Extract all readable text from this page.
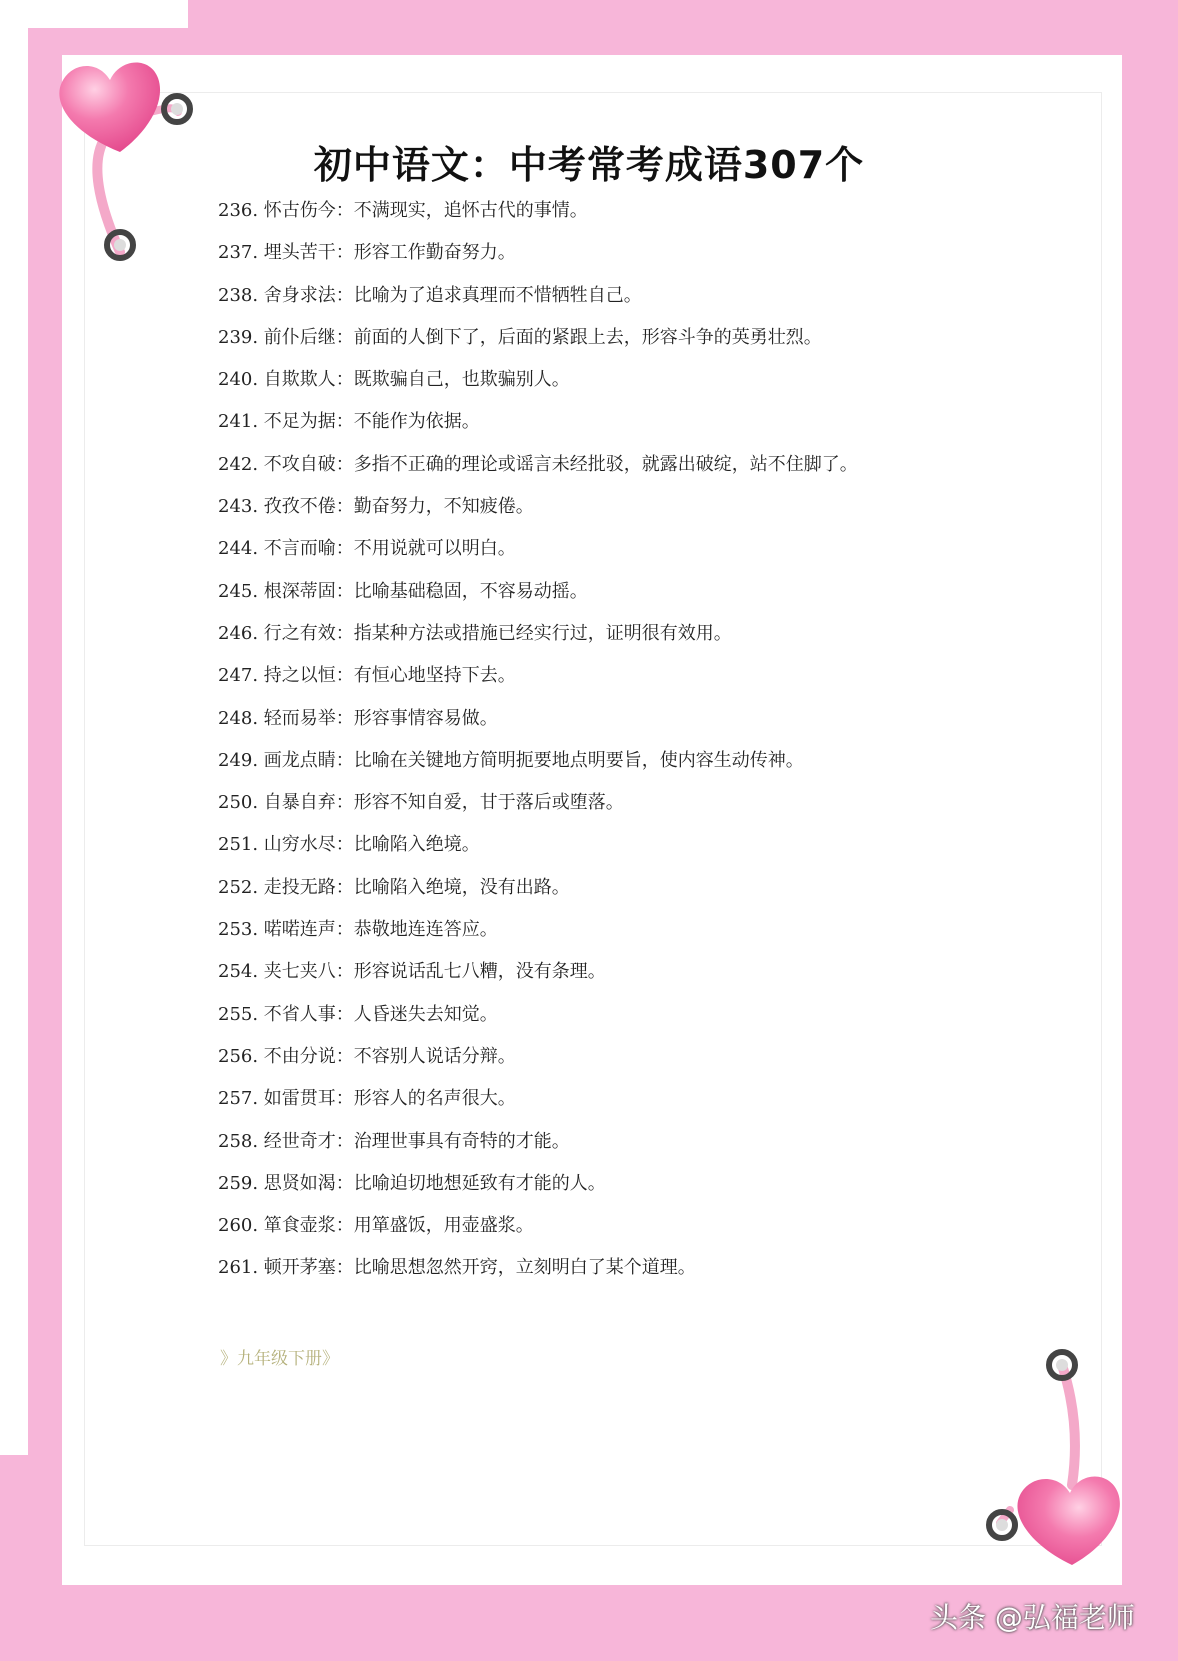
初中语文：中考常考成语307个
236. 怀古伤今：不满现实，追怀古代的事情。
237. 埋头苦干：形容工作勤奋努力。
238. 舍身求法：比喻为了追求真理而不惜牺牲自己。
239. 前仆后继：前面的人倒下了，后面的紧跟上去，形容斗争的英勇壮烈。
240. 自欺欺人：既欺骗自己，也欺骗别人。
241. 不足为据：不能作为依据。
242. 不攻自破：多指不正确的理论或谣言未经批驳，就露出破绽，站不住脚了。
243. 孜孜不倦：勤奋努力，不知疲倦。
244. 不言而喻：不用说就可以明白。
245. 根深蒂固：比喻基础稳固，不容易动摇。
246. 行之有效：指某种方法或措施已经实行过，证明很有效用。
247. 持之以恒：有恒心地坚持下去。
248. 轻而易举：形容事情容易做。
249. 画龙点睛：比喻在关键地方简明扼要地点明要旨，使内容生动传神。
250. 自暴自弃：形容不知自爱，甘于落后或堕落。
251. 山穷水尽：比喻陷入绝境。
252. 走投无路：比喻陷入绝境，没有出路。
253. 喏喏连声：恭敬地连连答应。
254. 夹七夹八：形容说话乱七八糟，没有条理。
255. 不省人事：人昏迷失去知觉。
256. 不由分说：不容别人说话分辩。
257. 如雷贯耳：形容人的名声很大。
258. 经世奇才：治理世事具有奇特的才能。
259. 思贤如渴：比喻迫切地想延致有才能的人。
260. 箪食壶浆：用箪盛饭，用壶盛浆。
261. 顿开茅塞：比喻思想忽然开窍，立刻明白了某个道理。
》九年级下册》
头条 @弘福老师
